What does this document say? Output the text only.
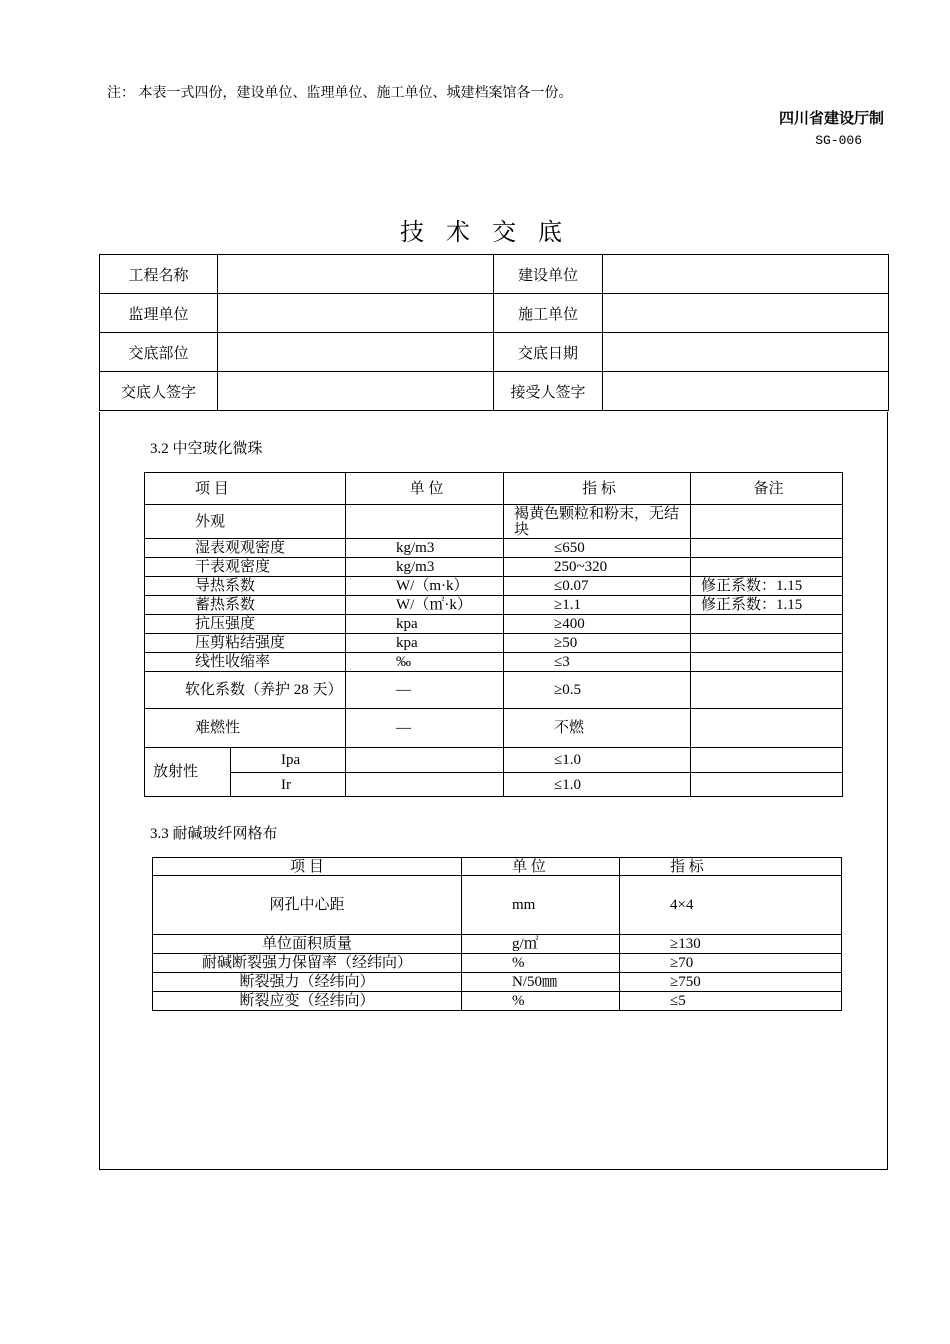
注： 本表一式四份，建设单位、监理单位、施工单位、城建档案馆各一份。
四川省建设厅制
SG-006
技术交底
工程名称		建设单位	
监理单位		施工单位	
交底部位		交底日期	
交底人签字		接受人签字	
3.2 中空玻化微珠
项 目		单 位	指 标	备注
外观			褐黄色颗粒和粉末，无结块	
湿表观观密度		kg/m3	≤650	
干表观密度		kg/m3	250~320	
导热系数		W/（m·k）	≤0.07	修正系数：1.15
蓄热系数		W/（㎡·k）	≥1.1	修正系数：1.15
抗压强度		kpa	≥400	
压剪粘结强度		kpa	≥50	
线性收缩率		‰	≤3	
软化系数（养护 28 天）		—	≥0.5	
难燃性		—	不燃	
放射性	Ipa		≤1.0	
	Ir		≤1.0	
3.3 耐碱玻纤网格布
项 目	单 位	指 标
网孔中心距	mm	4×4
单位面积质量	g/㎡	≥130
耐碱断裂强力保留率（经纬向）	%	≥70
断裂强力（经纬向）	N/50㎜	≥750
断裂应变（经纬向）	%	≤5
